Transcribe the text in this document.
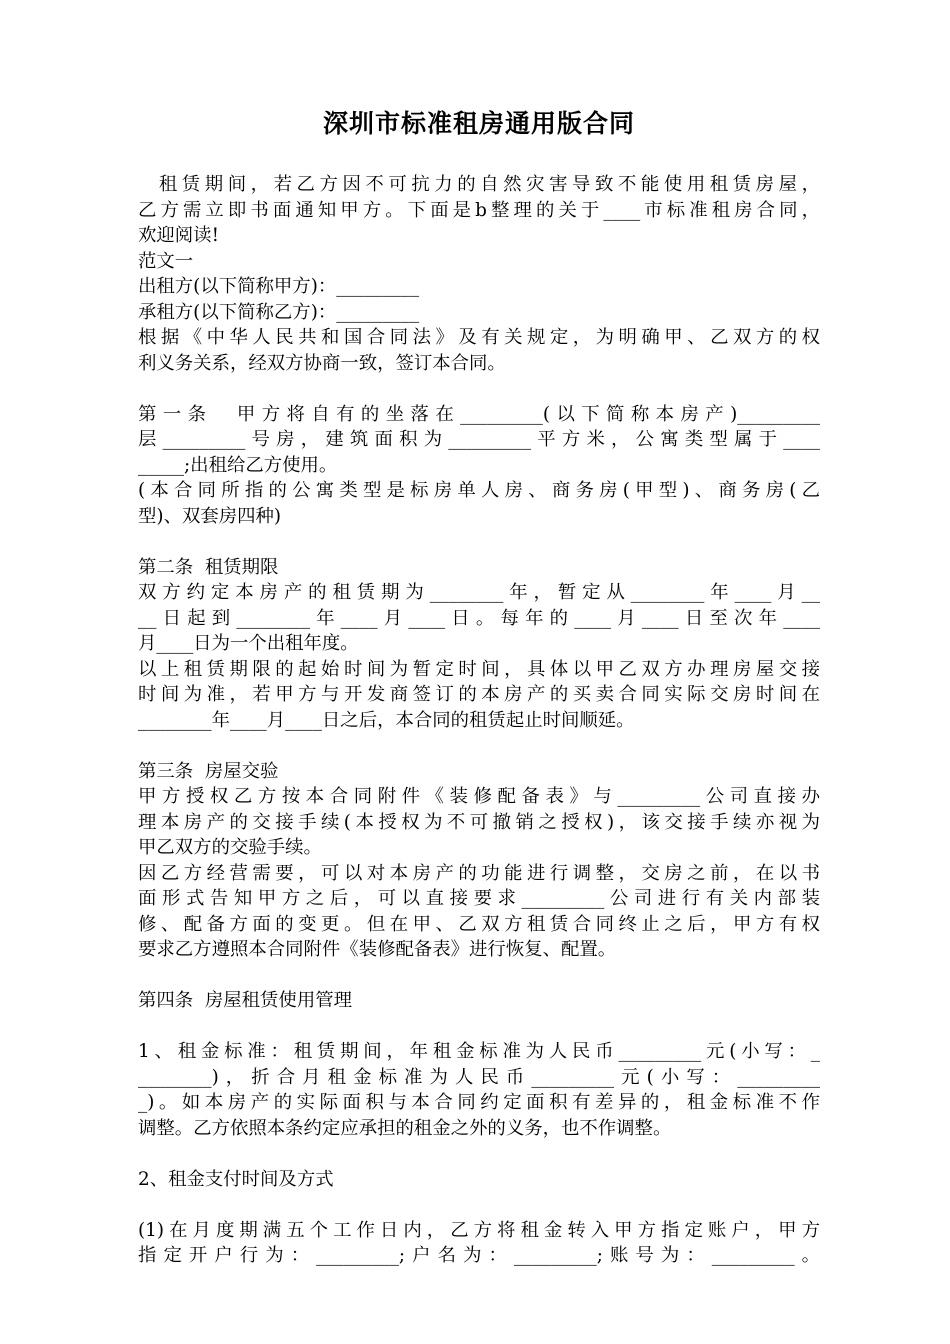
深圳市标准租房通用版合同
租赁期间，若乙方因不可抗力的自然灾害导致不能使用租赁房屋，
乙方需立即书面通知甲方。下面是b整理的关于____市标准租房合同，
欢迎阅读!
范文一
出租方(以下简称甲方)：_________
承租方(以下简称乙方)：_________
根据《中华人民共和国合同法》及有关规定，为明确甲、乙双方的权
利义务关系，经双方协商一致，签订本合同。
第一条  甲方将自有的坐落在_________(以下简称本房产)_________
层_________号房，建筑面积为_________平方米，公寓类型属于____
_____;出租给乙方使用。
(本合同所指的公寓类型是标房单人房、商务房(甲型)、商务房(乙
型)、双套房四种)
第二条  租赁期限
双方约定本房产的租赁期为________年，暂定从________年____月__
__日起到________年____月____日。每年的____月____日至次年____
月____日为一个出租年度。
以上租赁期限的起始时间为暂定时间，具体以甲乙双方办理房屋交接
时间为准，若甲方与开发商签订的本房产的买卖合同实际交房时间在
________年____月____日之后，本合同的租赁起止时间顺延。
第三条  房屋交验
甲方授权乙方按本合同附件《装修配备表》与_________公司直接办
理本房产的交接手续(本授权为不可撤销之授权)，该交接手续亦视为
甲乙双方的交验手续。
因乙方经营需要，可以对本房产的功能进行调整，交房之前，在以书
面形式告知甲方之后，可以直接要求_________公司进行有关内部装
修、配备方面的变更。但在甲、乙双方租赁合同终止之后，甲方有权
要求乙方遵照本合同附件《装修配备表》进行恢复、配置。
第四条  房屋租赁使用管理
1、租金标准：租赁期间，年租金标准为人民币_________元(小写：_
________)，折合月租金标准为人民币_________元(小写：_________
_)。如本房产的实际面积与本合同约定面积有差异的，租金标准不作
调整。乙方依照本条约定应承担的租金之外的义务，也不作调整。
2、租金支付时间及方式
(1)在月度期满五个工作日内，乙方将租金转入甲方指定账户，甲方
指定开户行为：_________;户名为：_________;账号为：_________。
